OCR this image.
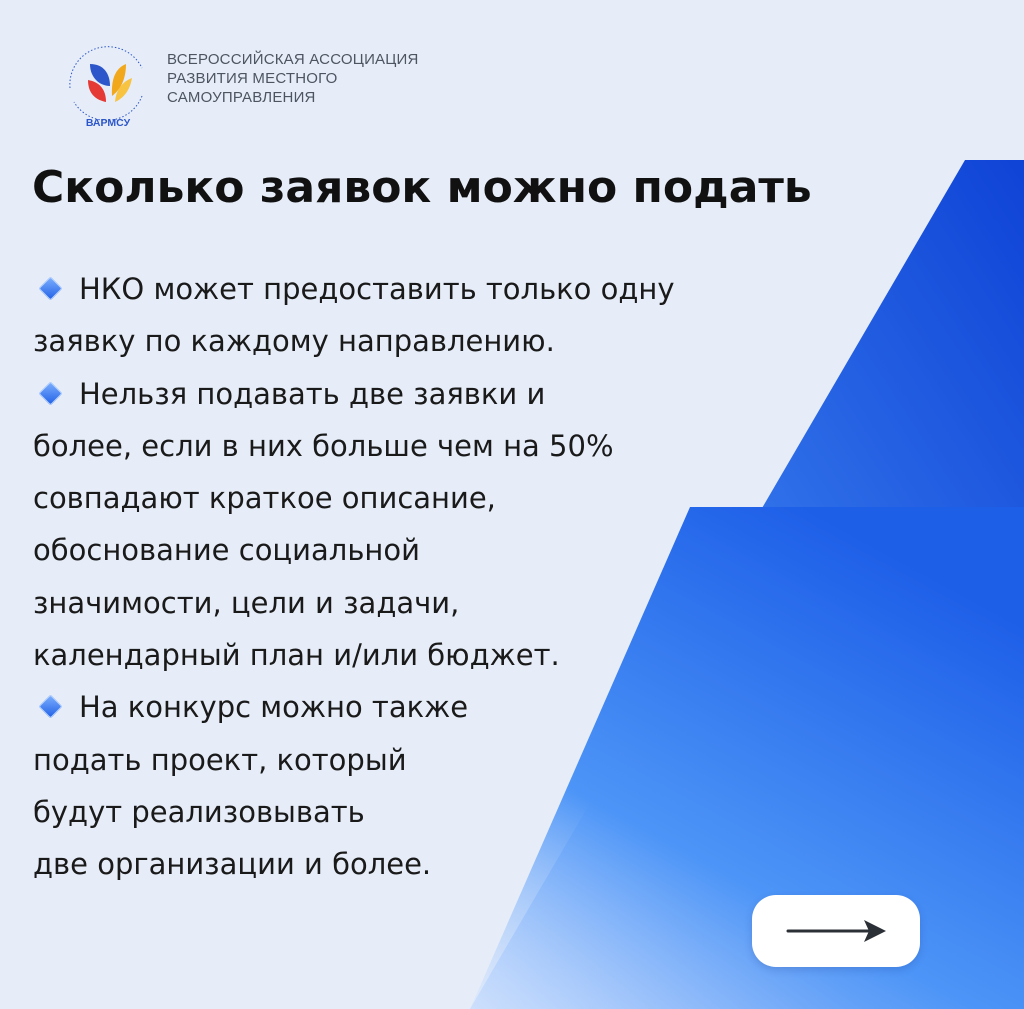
ВАРМСУ
ВСЕРОССИЙСКАЯ АССОЦИАЦИЯ
РАЗВИТИЯ МЕСТНОГО
САМОУПРАВЛЕНИЯ
Сколько заявок можно подать
НКО может предоставить только одну
заявку по каждому направлению.
Нельзя подавать две заявки и
более, если в них больше чем на 50%
совпадают краткое описание,
обоснование социальной
значимости, цели и задачи,
календарный план и/или бюджет.
На конкурс можно также
подать проект, который
будут реализовывать
две организации и более.
